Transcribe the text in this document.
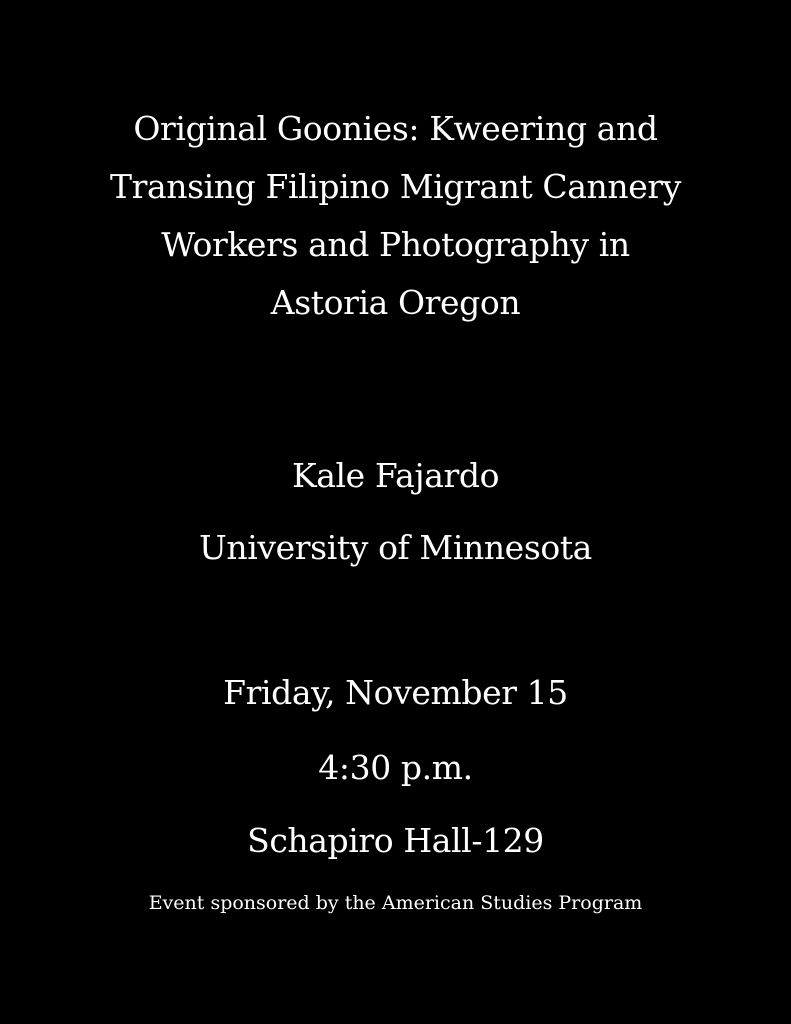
Original Goonies: Kweering and
Transing Filipino Migrant Cannery
Workers and Photography in
Astoria Oregon

Kale Fajardo

University of Minnesota

Friday, November 15

4:30 p.m.

Schapiro Hall-129

Event sponsored by the American Studies Program
